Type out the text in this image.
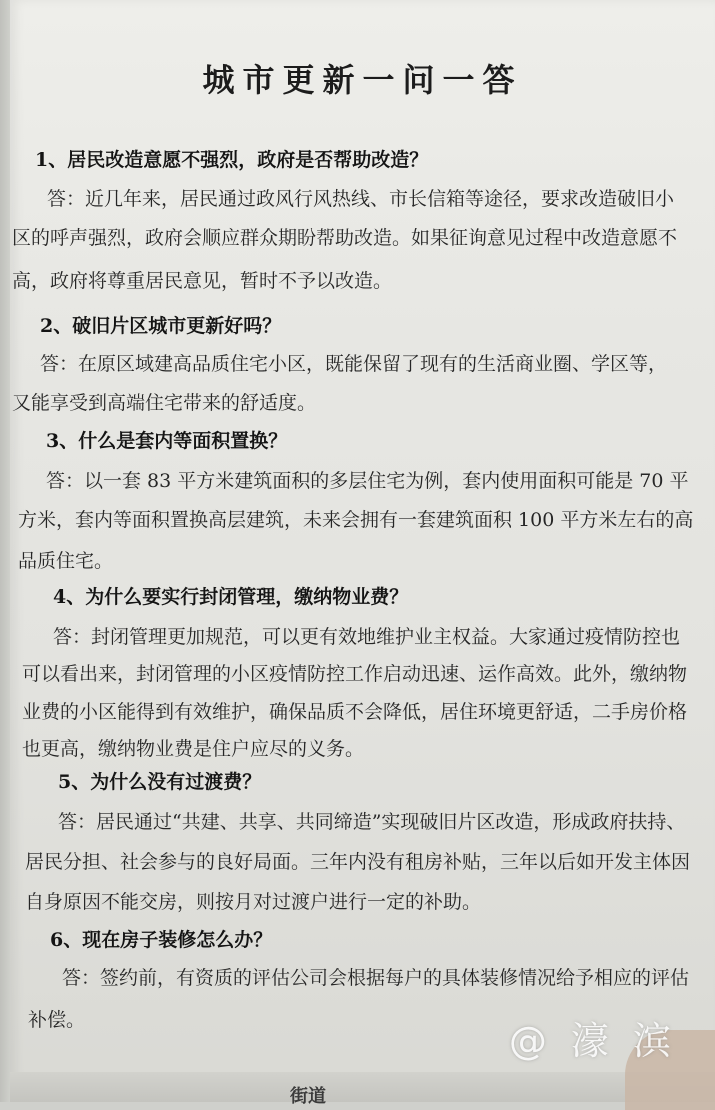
城市更新一问一答
1、居民改造意愿不强烈，政府是否帮助改造？
答：近几年来，居民通过政风行风热线、市长信箱等途径，要求改造破旧小
区的呼声强烈，政府会顺应群众期盼帮助改造。如果征询意见过程中改造意愿不
高，政府将尊重居民意见，暂时不予以改造。
2、破旧片区城市更新好吗？
答：在原区域建高品质住宅小区，既能保留了现有的生活商业圈、学区等，
又能享受到高端住宅带来的舒适度。
3、什么是套内等面积置换？
答：以一套 83 平方米建筑面积的多层住宅为例，套内使用面积可能是 70 平
方米，套内等面积置换高层建筑，未来会拥有一套建筑面积 100 平方米左右的高
品质住宅。
4、为什么要实行封闭管理，缴纳物业费？
答：封闭管理更加规范，可以更有效地维护业主权益。大家通过疫情防控也
可以看出来，封闭管理的小区疫情防控工作启动迅速、运作高效。此外，缴纳物
业费的小区能得到有效维护，确保品质不会降低，居住环境更舒适，二手房价格
也更高，缴纳物业费是住户应尽的义务。
5、为什么没有过渡费？
答：居民通过“共建、共享、共同缔造”实现破旧片区改造，形成政府扶持、
居民分担、社会参与的良好局面。三年内没有租房补贴，三年以后如开发主体因
自身原因不能交房，则按月对过渡户进行一定的补助。
6、现在房子装修怎么办？
答：签约前，有资质的评估公司会根据每户的具体装修情况给予相应的评估
补偿。
街道
@ 濠 滨
